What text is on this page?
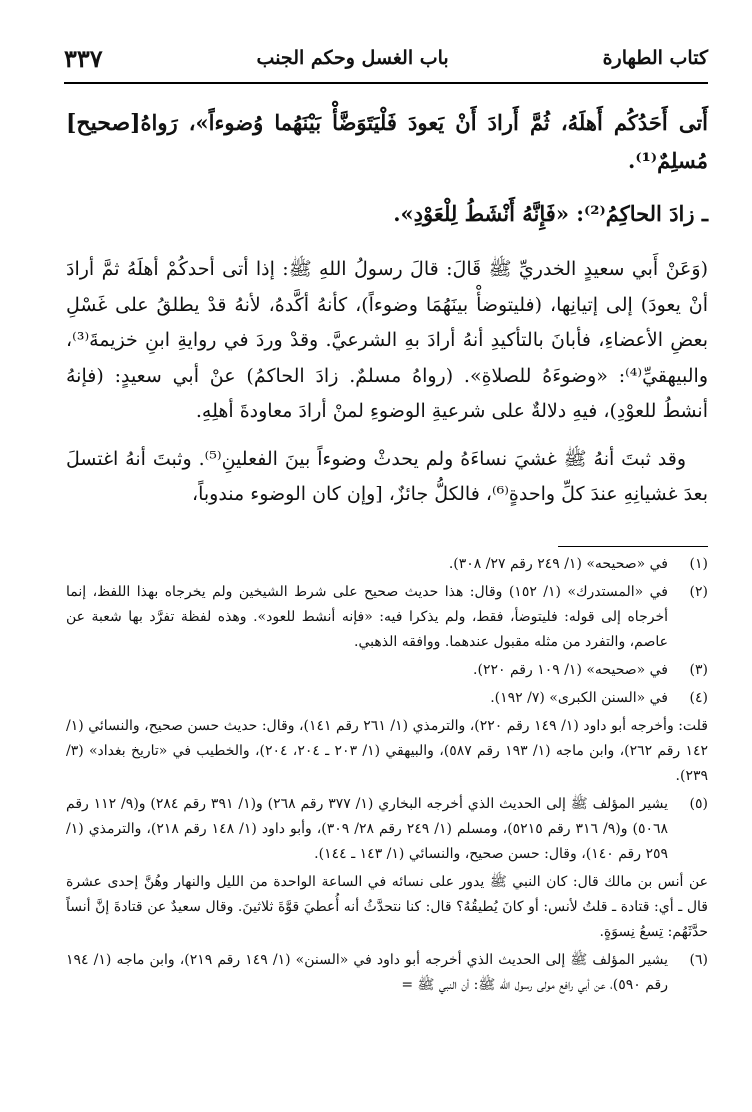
كتاب الطهارة
باب الغسل وحكم الجنب
٣٣٧

أَتى أَحَدُكُم أَهلَهُ، ثُمَّ أَرادَ أَنْ يَعودَ فَلْيَتَوَضَّأْ بَيْنَهُما وُضوءاً»، رَواهُ مُسلِمٌ⁽¹⁾.
[صحيح]

ـ زادَ الحاكِمُ⁽²⁾: «فَإِنَّهُ أَنْشَطُ لِلْعَوْدِ».

(وَعَنْ أَبي سعيدٍ الخدريِّ ﷺ قَالَ: قالَ رسولُ اللهِ ﷺ: إذا أتى أحدكُمْ أهلَهُ ثمَّ أرادَ أنْ يعودَ) إلى إتيانِها، (فليتوضأْ بينَهُمَا وضوءاً)، كأنهُ أكَّدهُ، لأنهُ قدْ يطلقُ على غَسْلِ بعضِ الأعضاءِ، فأبانَ بالتأكيدِ أنهُ أرادَ بهِ الشرعيَّ. وقدْ وردَ في روايةِ ابنِ خزيمةَ⁽³⁾، والبيهقيِّ⁽⁴⁾: «وضوءَهُ للصلاةِ». (رواهُ مسلمٌ. زادَ الحاكمُ) عنْ أبي سعيدٍ: (فإنهُ أنشطُ للعوْدِ)، فيهِ دلالةٌ على شرعيةِ الوضوءِ لمنْ أرادَ معاودةَ أهلِهِ.

وقد ثبتَ أنهُ ﷺ غشيَ نساءَهُ ولم يحدثْ وضوءاً بينَ الفعلينِ⁽⁵⁾. وثبتَ أنهُ اغتسلَ بعدَ غشيانِهِ عندَ كلِّ واحدةٍ⁽⁶⁾، فالكلُّ جائزٌ، [وإن كان الوضوء مندوباً،

(١)
في «صحيحه» (١/ ٢٤٩ رقم ٢٧/ ٣٠٨).
(٢)
في «المستدرك» (١/ ١٥٢) وقال: هذا حديث صحيح على شرط الشيخين ولم يخرجاه بهذا اللفظ، إنما أخرجاه إلى قوله: فليتوضأ، فقط، ولم يذكرا فيه: «فإنه أنشط للعود». وهذه لفظة تفرَّد بها شعبة عن عاصم، والتفرد من مثله مقبول عندهما. ووافقه الذهبي.
(٣)
في «صحيحه» (١/ ١٠٩ رقم ٢٢٠).
(٤)
في «السنن الكبرى» (٧/ ١٩٢).
قلت: وأخرجه أبو داود (١/ ١٤٩ رقم ٢٢٠)، والترمذي (١/ ٢٦١ رقم ١٤١)، وقال: حديث حسن صحيح، والنسائي (١/ ١٤٢ رقم ٢٦٢)، وابن ماجه (١/ ١٩٣ رقم ٥٨٧)، والبيهقي (١/ ٢٠٣ ـ ٢٠٤، ٢٠٤)، والخطيب في «تاريخ بغداد» (٣/ ٢٣٩).
(٥)
يشير المؤلف ﷺ إلى الحديث الذي أخرجه البخاري (١/ ٣٧٧ رقم ٢٦٨) و(١/ ٣٩١ رقم ٢٨٤) و(٩/ ١١٢ رقم ٥٠٦٨) و(٩/ ٣١٦ رقم ٥٢١٥)، ومسلم (١/ ٢٤٩ رقم ٢٨/ ٣٠٩)، وأبو داود (١/ ١٤٨ رقم ٢١٨)، والترمذي (١/ ٢٥٩ رقم ١٤٠)، وقال: حسن صحيح، والنسائي (١/ ١٤٣ ـ ١٤٤).
عن أنس بن مالك قال: كان النبي ﷺ يدور على نسائه في الساعة الواحدة من الليل والنهار وهُنَّ إحدى عشرة قال ـ أي: قتادة ـ قلتُ لأنس: أو كانَ يُطيقُهُ؟ قال: كنا نتحدَّثُ أنه أُعطيَ قوَّةَ ثلاثينَ. وقال سعيدٌ عن قتادةَ إنَّ أنساً حدَّثَهُم: تِسعُ نِسوَةٍ.
(٦)
يشير المؤلف ﷺ إلى الحديث الذي أخرجه أبو داود في «السنن» (١/ ١٤٩ رقم ٢١٩)، وابن ماجه (١/ ١٩٤ رقم ٥٩٠)، عن أبي رافع مولى رسول الله ﷺ: أن النبي ﷺ =
